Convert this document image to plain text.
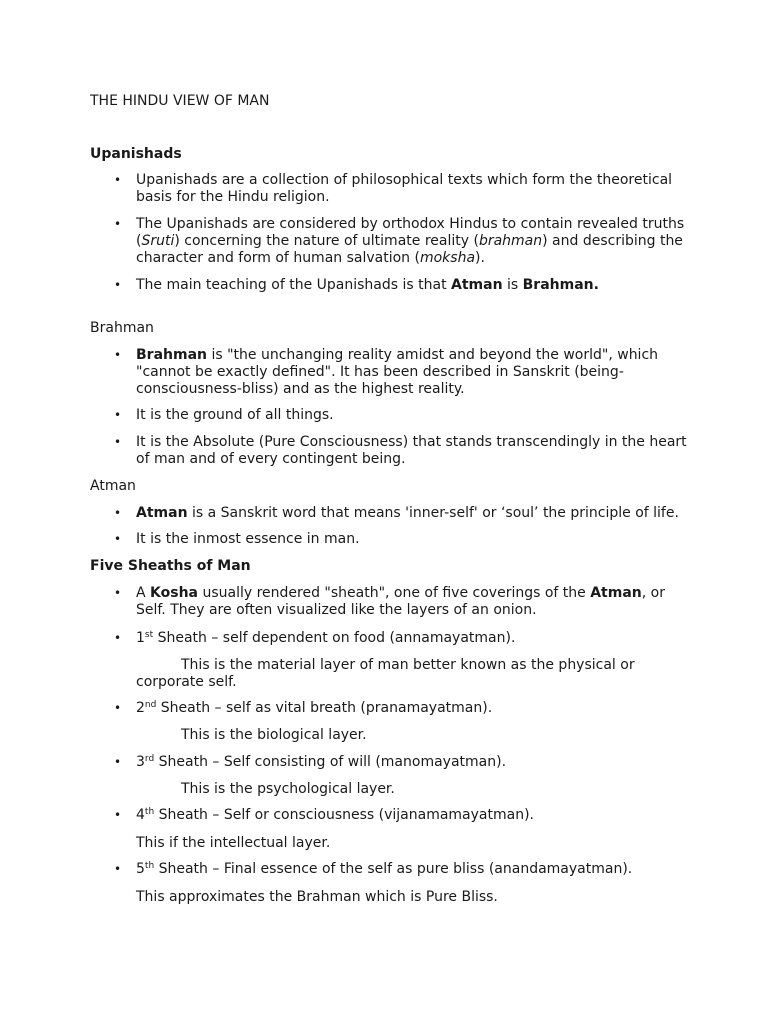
THE HINDU VIEW OF MAN
Upanishads

• Upanishads are a collection of philosophical texts which form the theoretical basis for the Hindu religion.

• The Upanishads are considered by orthodox Hindus to contain revealed truths (Sruti) concerning the nature of ultimate reality (brahman) and describing the character and form of human salvation (moksha).

• The main teaching of the Upanishads is that Atman is Brahman.

Brahman

• Brahman is "the unchanging reality amidst and beyond the world", which "cannot be exactly defined". It has been described in Sanskrit (being-consciousness-bliss) and as the highest reality.

• It is the ground of all things.

• It is the Absolute (Pure Consciousness) that stands transcendingly in the heart of man and of every contingent being.

Atman

• Atman is a Sanskrit word that means 'inner-self' or ‘soul’ the principle of life.

• It is the inmost essence in man.

Five Sheaths of Man

• A Kosha usually rendered "sheath", one of five coverings of the Atman, or Self. They are often visualized like the layers of an onion.

• 1st Sheath – self dependent on food (annamayatman).

This is the material layer of man better known as the physical or

corporate self.

• 2nd Sheath – self as vital breath (pranamayatman).

This is the biological layer.

• 3rd Sheath – Self consisting of will (manomayatman).

This is the psychological layer.

• 4th Sheath – Self or consciousness (vijanamamayatman).

This if the intellectual layer.

• 5th Sheath – Final essence of the self as pure bliss (anandamayatman).

This approximates the Brahman which is Pure Bliss.
